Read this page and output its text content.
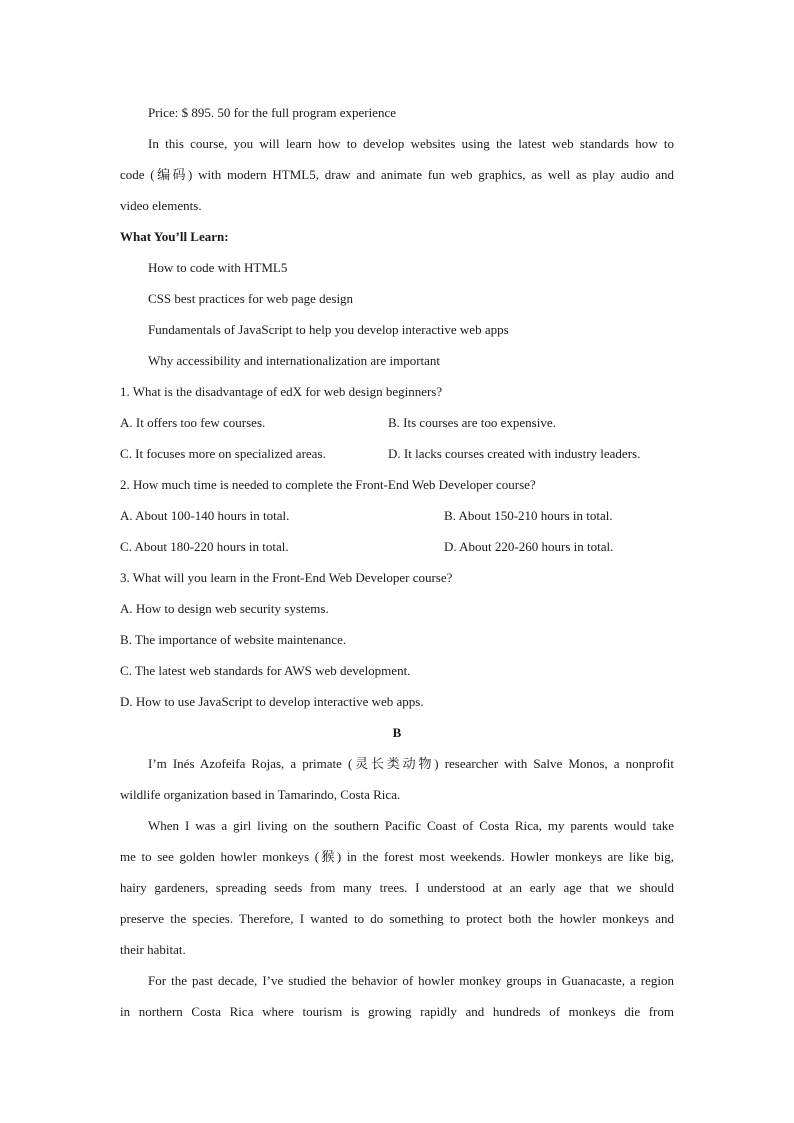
Price: $ 895. 50 for the full program experience
In this course, you will learn how to develop websites using the latest web standards how to
code (编码) with modern HTML5, draw and animate fun web graphics, as well as play audio and
video elements.
What You’ll Learn:
How to code with HTML5
CSS best practices for web page design
Fundamentals of JavaScript to help you develop interactive web apps
Why accessibility and internationalization are important
1. What is the disadvantage of edX for web design beginners?
A. It offers too few courses.	B. Its courses are too expensive.
C. It focuses more on specialized areas.	D. It lacks courses created with industry leaders.
2. How much time is needed to complete the Front-End Web Developer course?
A. About 100-140 hours in total.	B. About 150-210 hours in total.
C. About 180-220 hours in total.	D. About 220-260 hours in total.
3. What will you learn in the Front-End Web Developer course?
A. How to design web security systems.
B. The importance of website maintenance.
C. The latest web standards for AWS web development.
D. How to use JavaScript to develop interactive web apps.
B
I’m Inés Azofeifa Rojas, a primate (灵长类动物) researcher with Salve Monos, a nonprofit
wildlife organization based in Tamarindo, Costa Rica.
When I was a girl living on the southern Pacific Coast of Costa Rica, my parents would take
me to see golden howler monkeys (猴) in the forest most weekends. Howler monkeys are like big,
hairy gardeners, spreading seeds from many trees. I understood at an early age that we should
preserve the species. Therefore, I wanted to do something to protect both the howler monkeys and
their habitat.
For the past decade, I’ve studied the behavior of howler monkey groups in Guanacaste, a region
in northern Costa Rica where tourism is growing rapidly and hundreds of monkeys die from
